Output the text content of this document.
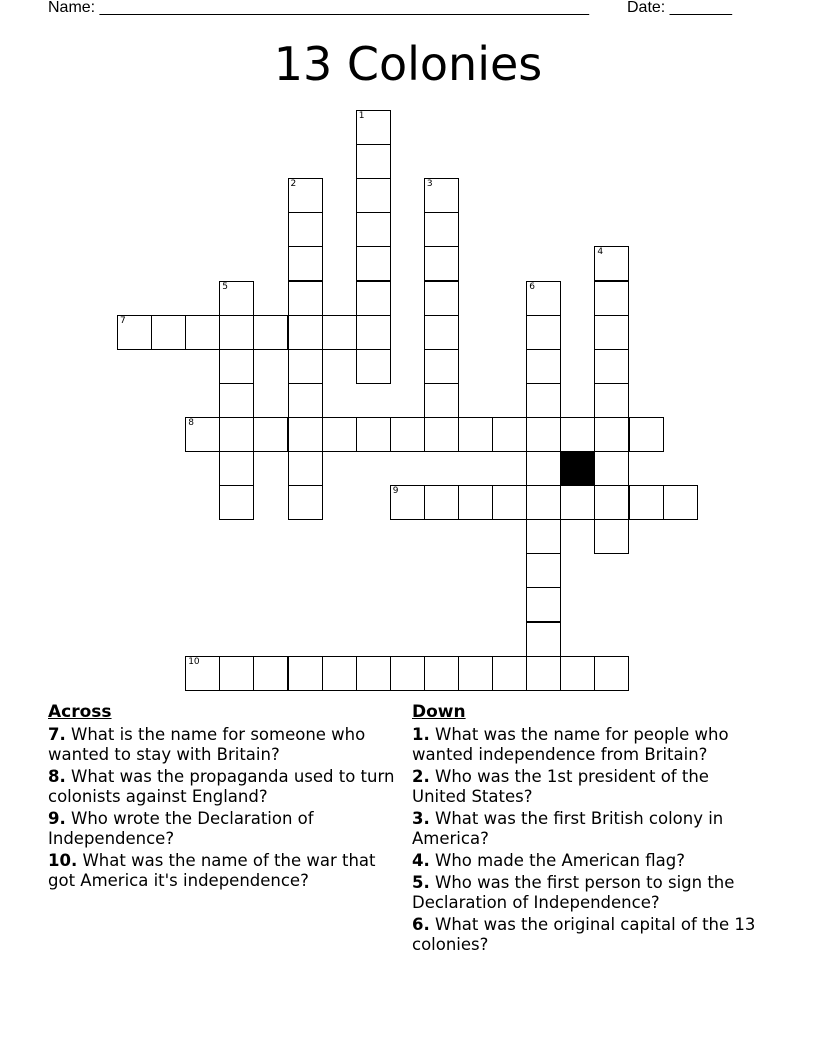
Name: _______________________________________________________ Date: _______
13 Colonies
1
2	3
4
5	6
7
8
9
10
Across
7. What is the name for someone who wanted to stay with Britain?
8. What was the propaganda used to turn colonists against England?
9. Who wrote the Declaration of Independence?
10. What was the name of the war that got America it's independence?
Down
1. What was the name for people who wanted independence from Britain?
2. Who was the 1st president of the United States?
3. What was the first British colony in America?
4. Who made the American flag?
5. Who was the first person to sign the Declaration of Independence?
6. What was the original capital of the 13 colonies?
